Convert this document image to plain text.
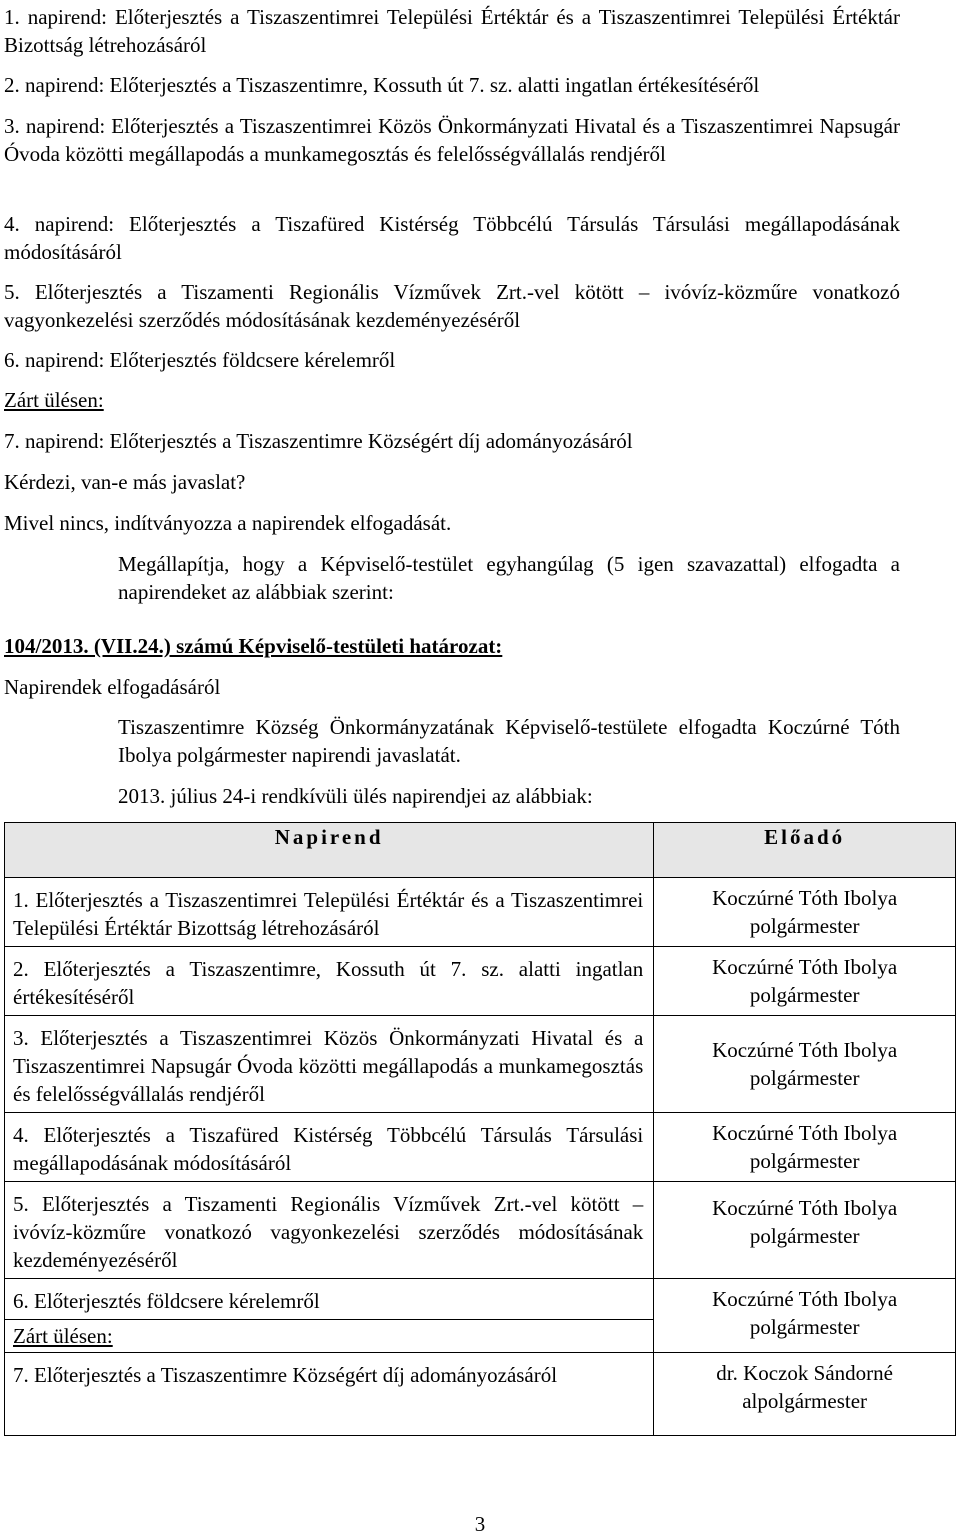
1. napirend: Előterjesztés a Tiszaszentimrei Települési Értéktár és a Tiszaszentimrei Települési Értéktár Bizottság létrehozásáról

2. napirend: Előterjesztés a Tiszaszentimre, Kossuth út 7. sz. alatti ingatlan értékesítéséről

3. napirend: Előterjesztés a Tiszaszentimrei Közös Önkormányzati Hivatal és a Tiszaszentimrei Napsugár Óvoda közötti megállapodás a munkamegosztás és felelősségvállalás rendjéről

4. napirend: Előterjesztés a Tiszafüred Kistérség Többcélú Társulás Társulási megállapodásának módosításáról

5. Előterjesztés a Tiszamenti Regionális Vízművek Zrt.-vel kötött – ivóvíz-közműre vonatkozó vagyonkezelési szerződés módosításának kezdeményezéséről

6. napirend: Előterjesztés földcsere kérelemről

Zárt ülésen:

7. napirend: Előterjesztés a Tiszaszentimre Községért díj adományozásáról

Kérdezi, van-e más javaslat?

Mivel nincs, indítványozza a napirendek elfogadását.

Megállapítja, hogy a Képviselő-testület egyhangúlag (5 igen szavazattal) elfogadta a napirendeket az alábbiak szerint:

104/2013. (VII.24.) számú Képviselő-testületi határozat:

Napirendek elfogadásáról

Tiszaszentimre Község Önkormányzatának Képviselő-testülete elfogadta Koczúrné Tóth Ibolya polgármester napirendi javaslatát.

2013. július 24-i rendkívüli ülés napirendjei az alábbiak:

Napirend	Előadó

1. Előterjesztés a Tiszaszentimrei Települési Értéktár és a Tiszaszentimrei Települési Értéktár Bizottság létrehozásáról	Koczúrné Tóth Ibolya
polgármester

2. Előterjesztés a Tiszaszentimre, Kossuth út 7. sz. alatti ingatlan értékesítéséről	Koczúrné Tóth Ibolya
polgármester

3. Előterjesztés a Tiszaszentimrei Közös Önkormányzati Hivatal és a Tiszaszentimrei Napsugár Óvoda közötti megállapodás a munkamegosztás és felelősségvállalás rendjéről	Koczúrné Tóth Ibolya
polgármester

4. Előterjesztés a Tiszafüred Kistérség Többcélú Társulás Társulási megállapodásának módosításáról	Koczúrné Tóth Ibolya
polgármester

5. Előterjesztés a Tiszamenti Regionális Vízművek Zrt.-vel kötött – ivóvíz-közműre vonatkozó vagyonkezelési szerződés módosításának kezdeményezéséről	Koczúrné Tóth Ibolya
polgármester

6. Előterjesztés földcsere kérelemről	Koczúrné Tóth Ibolya
polgármester

Zárt ülésen:	

7. Előterjesztés a Tiszaszentimre Községért díj adományozásáról	dr. Koczok Sándorné
alpolgármester
3
